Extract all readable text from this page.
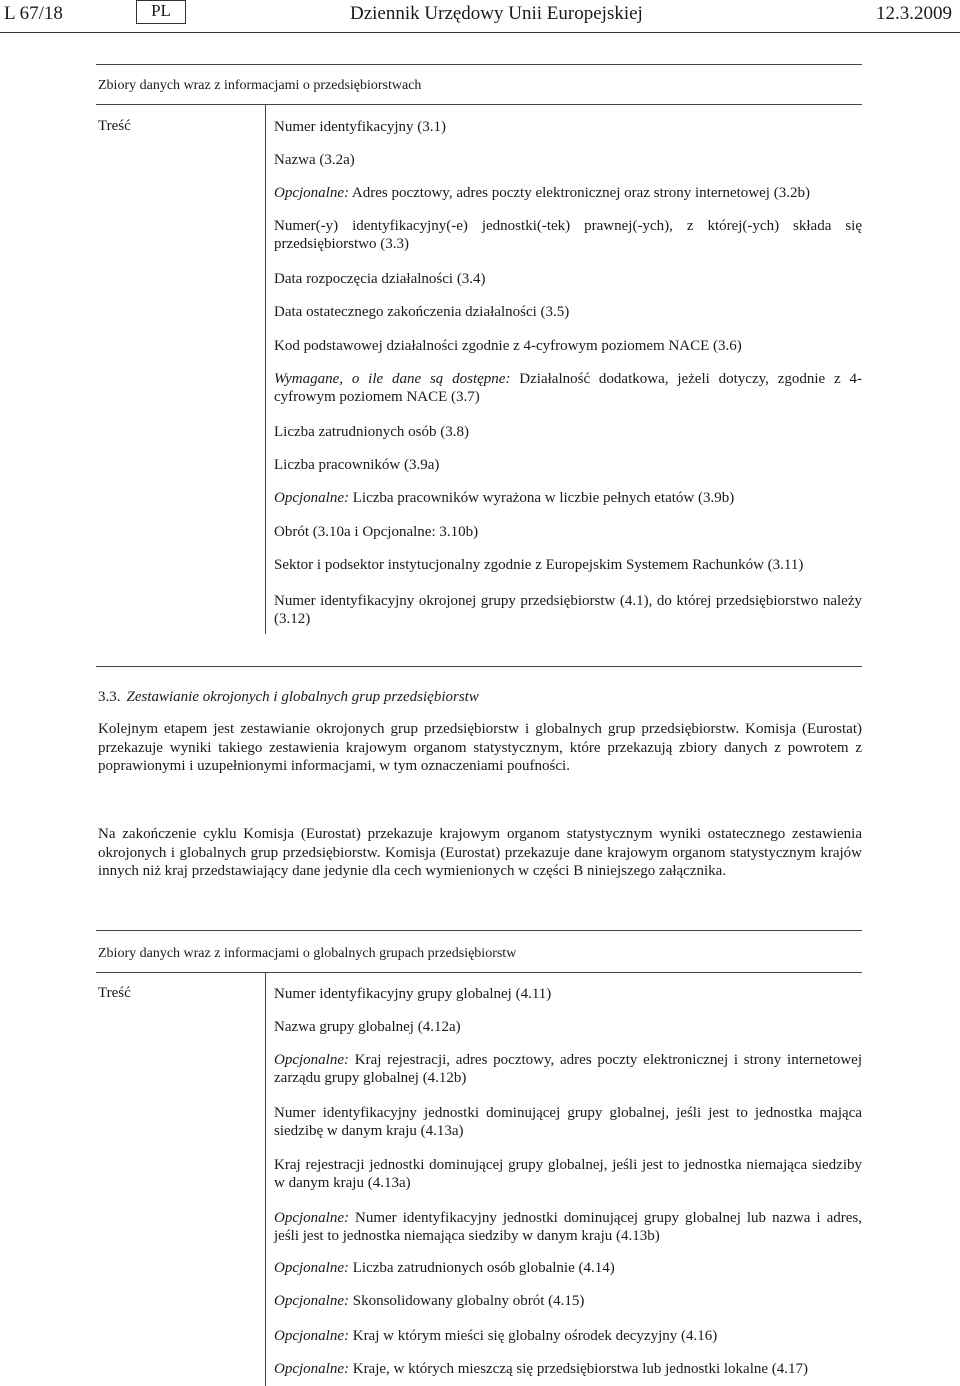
L 67/18	PL	Dziennik Urzędowy Unii Europejskiej	12.3.2009
Zbiory danych wraz z informacjami o przedsiębiorstwach
Treść	Numer identyfikacyjny (3.1)
Nazwa (3.2a)
Opcjonalne: Adres pocztowy, adres poczty elektronicznej oraz strony internetowej (3.2b)
Numer(-y) identyfikacyjny(-e) jednostki(-tek) prawnej(-ych), z której(-ych) składa się przedsiębiorstwo (3.3)
Data rozpoczęcia działalności (3.4)
Data ostatecznego zakończenia działalności (3.5)
Kod podstawowej działalności zgodnie z 4-cyfrowym poziomem NACE (3.6)
Wymagane, o ile dane są dostępne: Działalność dodatkowa, jeżeli dotyczy, zgodnie z 4-cyfrowym poziomem NACE (3.7)
Liczba zatrudnionych osób (3.8)
Liczba pracowników (3.9a)
Opcjonalne: Liczba pracowników wyrażona w liczbie pełnych etatów (3.9b)
Obrót (3.10a i Opcjonalne: 3.10b)
Sektor i podsektor instytucjonalny zgodnie z Europejskim Systemem Rachunków (3.11)
Numer identyfikacyjny okrojonej grupy przedsiębiorstw (4.1), do której przedsiębiorstwo należy (3.12)
3.3. Zestawianie okrojonych i globalnych grup przedsiębiorstw

Kolejnym etapem jest zestawianie okrojonych grup przedsiębiorstw i globalnych grup przedsiębiorstw. Komisja (Eurostat) przekazuje wyniki takiego zestawienia krajowym organom statystycznym, które przekazują zbiory danych z powrotem z poprawionymi i uzupełnionymi informacjami, w tym oznaczeniami poufności.

Na zakończenie cyklu Komisja (Eurostat) przekazuje krajowym organom statystycznym wyniki ostatecznego zestawienia okrojonych i globalnych grup przedsiębiorstw. Komisja (Eurostat) przekazuje dane krajowym organom statystycznym krajów innych niż kraj przedstawiający dane jedynie dla cech wymienionych w części B niniejszego załącznika.

Zbiory danych wraz z informacjami o globalnych grupach przedsiębiorstw
Treść	Numer identyfikacyjny grupy globalnej (4.11)
Nazwa grupy globalnej (4.12a)
Opcjonalne: Kraj rejestracji, adres pocztowy, adres poczty elektronicznej i strony internetowej zarządu grupy globalnej (4.12b)
Numer identyfikacyjny jednostki dominującej grupy globalnej, jeśli jest to jednostka mająca siedzibę w danym kraju (4.13a)
Kraj rejestracji jednostki dominującej grupy globalnej, jeśli jest to jednostka niemająca siedziby w danym kraju (4.13a)
Opcjonalne: Numer identyfikacyjny jednostki dominującej grupy globalnej lub nazwa i adres, jeśli jest to jednostka niemająca siedziby w danym kraju (4.13b)
Opcjonalne: Liczba zatrudnionych osób globalnie (4.14)
Opcjonalne: Skonsolidowany globalny obrót (4.15)
Opcjonalne: Kraj w którym mieści się globalny ośrodek decyzyjny (4.16)
Opcjonalne: Kraje, w których mieszczą się przedsiębiorstwa lub jednostki lokalne (4.17)
